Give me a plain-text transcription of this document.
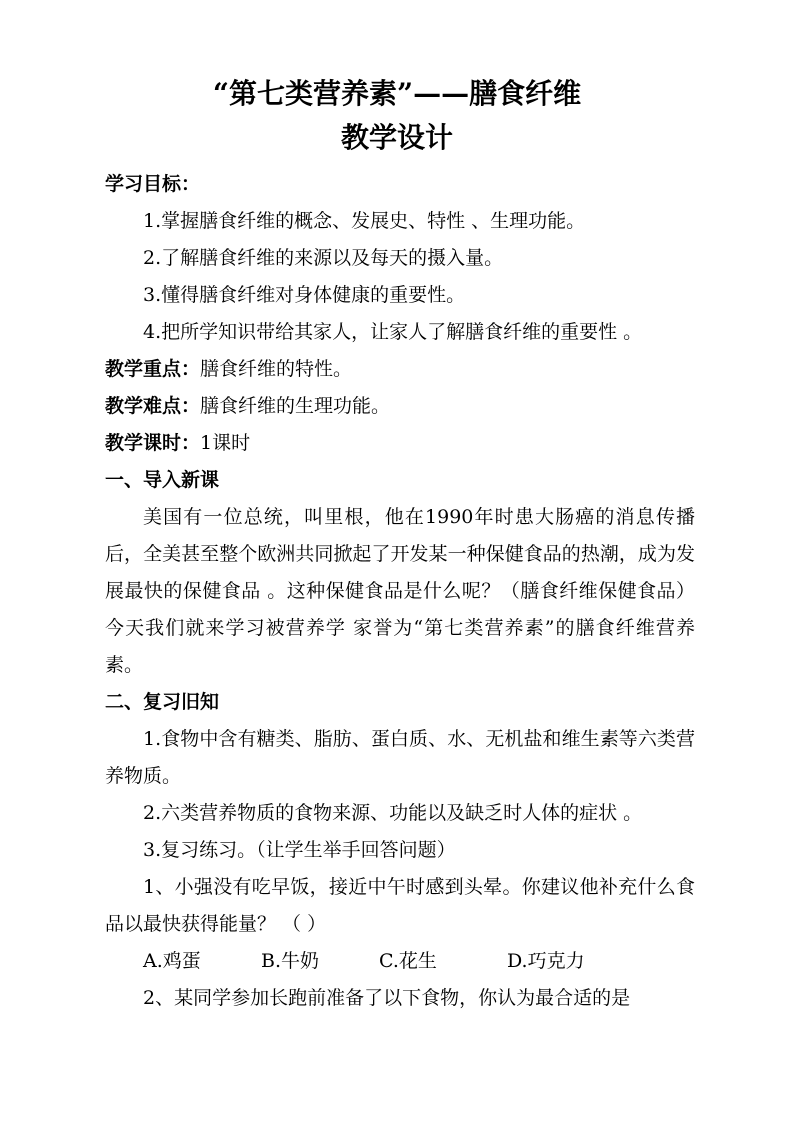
“第七类营养素”——膳食纤维
教学设计
学习目标：
1.掌握膳食纤维的概念、发展史、特性 、生理功能。
2.了解膳食纤维的来源以及每天的摄入量。
3.懂得膳食纤维对身体健康的重要性。
4.把所学知识带给其家人，让家人了解膳食纤维的重要性 。
教学重点：膳食纤维的特性。
教学难点：膳食纤维的生理功能。
教学课时：1课时
一、导入新课

美国有一位总统，叫里根，他在1990年时患大肠癌的消息传播后，全美甚至整个欧洲共同掀起了开发某一种保健食品的热潮，成为发展最快的保健食品 。这种保健食品是什么呢？（膳食纤维保健食品）今天我们就来学习被营养学 家誉为“第七类营养素”的膳食纤维营养素。

二、复习旧知

1.食物中含有糖类、脂肪、蛋白质、水、无机盐和维生素等六类营养物质。

2.六类营养物质的食物来源、功能以及缺乏时人体的症状 。
3.复习练习。（让学生举手回答问题）

1、小强没有吃早饭，接近中午时感到头晕。你建议他补充什么食品以最快获得能量？ （ ）

A.鸡蛋	B.牛奶	C.花生	D.巧克力
2、某同学参加长跑前准备了以下食物，你认为最合适的是
